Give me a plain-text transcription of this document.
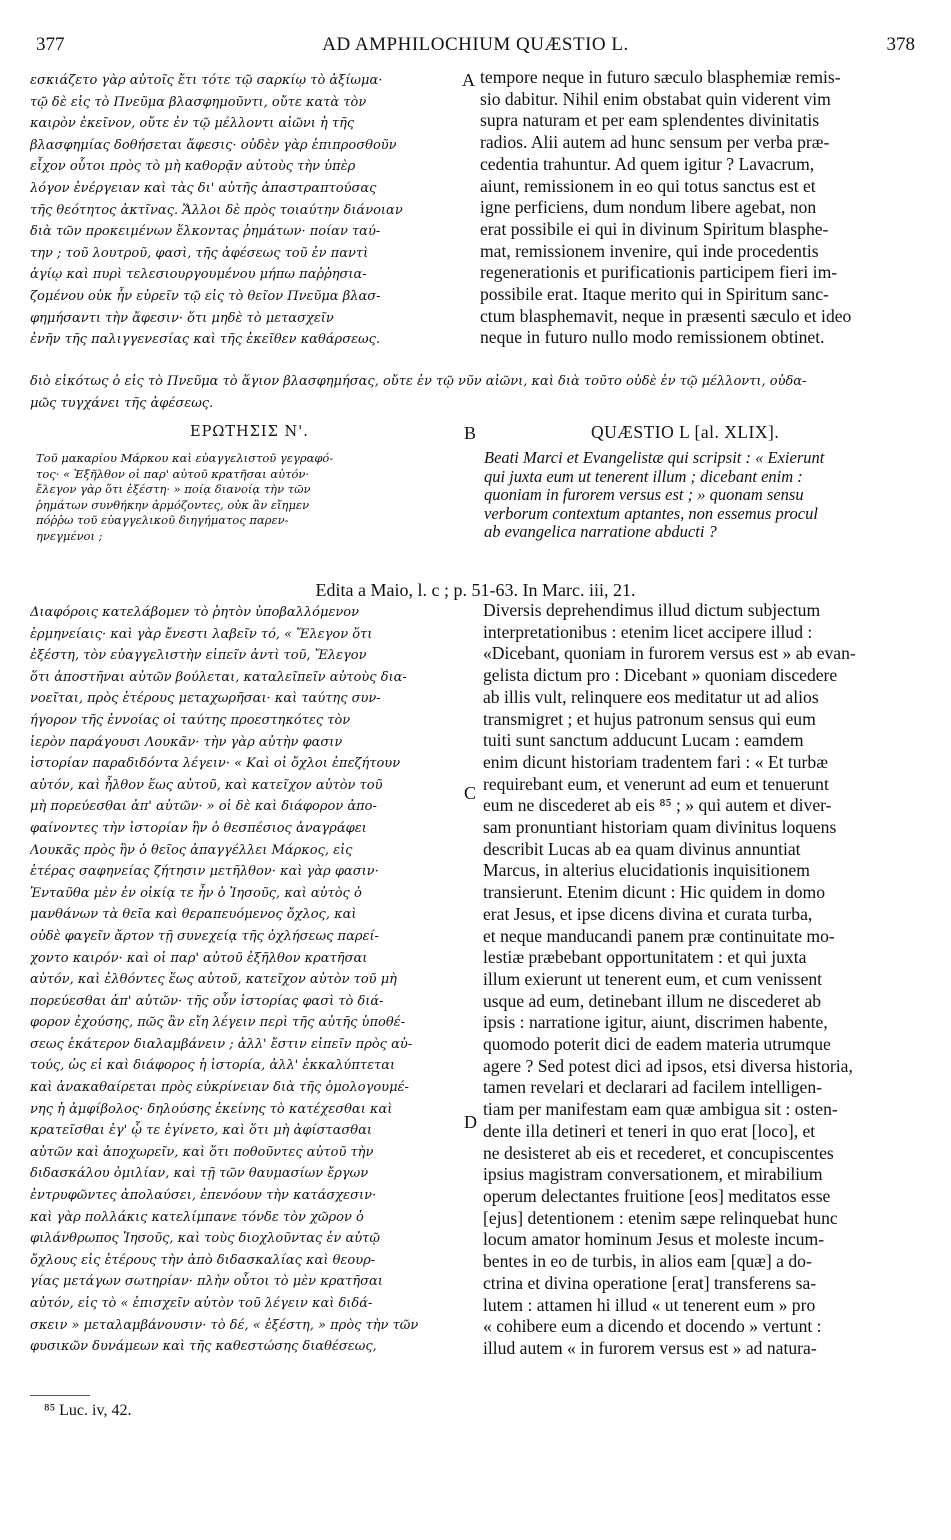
377	AD AMPHILOCHIUM QUÆSTIO L.	378
εσκιάζετο γὰρ αὐτοῖς ἔτι τότε τῷ σαρκίῳ τὸ ἀξίωμα·
τῷ δὲ εἰς τὸ Πνεῦμα βλασφημοῦντι, οὔτε κατὰ τὸν
καιρὸν ἐκεῖνον, οὔτε ἐν τῷ μέλλοντι αἰῶνι ἡ τῆς
βλασφημίας δοθήσεται ἄφεσις· οὐδὲν γὰρ ἐπιπροσθοῦν
εἶχον οὗτοι πρὸς τὸ μὴ καθορᾷν αὐτοὺς τὴν ὑπὲρ
λόγον ἐνέργειαν καὶ τὰς δι' αὐτῆς ἀπαστραπτούσας
τῆς θεότητος ἀκτῖνας. Ἄλλοι δὲ πρὸς τοιαύτην διάνοιαν
διὰ τῶν προκειμένων ἕλκοντας ῥημάτων· ποίαν ταύ-
την ; τοῦ λουτροῦ, φασὶ, τῆς ἀφέσεως τοῦ ἐν παντὶ
ἁγίῳ καὶ πυρὶ τελεσιουργουμένου μήπω παῤῥησια-
ζομένου οὐκ ἦν εὑρεῖν τῷ εἰς τὸ θεῖον Πνεῦμα βλασ-
φημήσαντι τὴν ἄφεσιν· ὅτι μηδὲ τὸ μετασχεῖν
ἐνῆν τῆς παλιγγενεσίας καὶ τῆς ἐκεῖθεν καθάρσεως.
A tempore neque in futuro sæculo blasphemiæ remis-
sio dabitur. Nihil enim obstabat quin viderent vim
supra naturam et per eam splendentes divinitatis
radios. Alii autem ad hunc sensum per verba præ-
cedentia trahuntur. Ad quem igitur ? Lavacrum,
aiunt, remissionem in eo qui totus sanctus est et
igne perficiens, dum nondum libere agebat, non
erat possibile ei qui in divinum Spiritum blasphe-
mat, remissionem invenire, qui inde procedentis
regenerationis et purificationis participem fieri im-
possibile erat. Itaque merito qui in Spiritum sanc-
ctum blasphemavit, neque in præsenti sæculo et ideo
neque in futuro nullo modo remissionem obtinet.
διὸ εἰκότως ὁ εἰς τὸ Πνεῦμα τὸ ἅγιον βλασφημήσας, οὔτε ἐν τῷ νῦν αἰῶνι, καὶ διὰ τοῦτο οὐδὲ ἐν τῷ μέλλοντι, οὐδα-
μῶς τυγχάνει τῆς ἀφέσεως.
ΕΡΩΤΗΣΙΣ Ν'.	B	QUÆSTIO L [al. XLIX].
Τοῦ μακαρίου Μάρκου καὶ εὐαγγελιστοῦ γεγραφό-
τος· « Ἐξῆλθον οἱ παρ' αὐτοῦ κρατῆσαι αὐτόν·
ἔλεγον γὰρ ὅτι ἐξέστη· » ποίᾳ διανοίᾳ τὴν τῶν
ῥημάτων συνθήκην ἁρμόζοντες, οὐκ ἂν εἴημεν
πόῤῥω τοῦ εὐαγγελικοῦ διηγήματος παρεν-
ηνεγμένοι ;
Beati Marci et Evangelistæ qui scripsit : « Exierunt
qui juxta eum ut tenerent illum ; dicebant enim :
quoniam in furorem versus est ; » quonam sensu
verborum contextum aptantes, non essemus procul
ab evangelica narratione abducti ?
Edita a Maio, l. c ; p. 51-63. In Marc. iii, 21.
Διαφόροις κατελάβομεν τὸ ῥητὸν ὑποβαλλόμενον
ἑρμηνείαις· καὶ γὰρ ἔνεστι λαβεῖν τό, « Ἔλεγον ὅτι
ἐξέστη, τὸν εὐαγγελιστὴν εἰπεῖν ἀντὶ τοῦ, Ἔλεγον
ὅτι ἀποστῆναι αὐτῶν βούλεται, καταλεῖπεῖν αὐτοὺς δια-
νοεῖται, πρὸς ἑτέρους μεταχωρῆσαι· καὶ ταύτης συν-
ήγορον τῆς ἐννοίας οἱ ταύτης προεστηκότες τὸν
ἱερὸν παράγουσι Λουκᾶν· τὴν γὰρ αὐτὴν φασιν
ἱστορίαν παραδιδόντα λέγειν· « Καὶ οἱ ὄχλοι ἐπεζήτουν
αὐτόν, καὶ ἦλθον ἕως αὐτοῦ, καὶ κατεῖχον αὐτὸν τοῦ
μὴ πορεύεσθαι ἀπ' αὐτῶν· » οἱ δὲ καὶ διάφορον ἀπο-
φαίνοντες τὴν ἱστορίαν ἣν ὁ θεσπέσιος ἀναγράφει
Λουκᾶς πρὸς ἣν ὁ θεῖος ἀπαγγέλλει Μάρκος, εἰς
ἑτέρας σαφηνείας ζήτησιν μετῆλθον· καὶ γὰρ φασιν·
Ἐνταῦθα μὲν ἐν οἰκίᾳ τε ἦν ὁ Ἰησοῦς, καὶ αὐτὸς ὁ
μανθάνων τὰ θεῖα καὶ θεραπευόμενος ὄχλος, καὶ
οὐδὲ φαγεῖν ἄρτον τῇ συνεχείᾳ τῆς ὀχλήσεως παρεί-
χοντο καιρόν· καὶ οἱ παρ' αὐτοῦ ἐξῆλθον κρατῆσαι
αὐτόν, καὶ ἐλθόντες ἕως αὐτοῦ, κατεῖχον αὐτὸν τοῦ μὴ
πορεύεσθαι ἀπ' αὐτῶν· τῆς οὖν ἱστορίας φασὶ τὸ διά-
φορον ἐχούσης, πῶς ἂν εἴη λέγειν περὶ τῆς αὐτῆς ὑποθέ-
σεως ἑκάτερον διαλαμβάνειν ; ἀλλ' ἔστιν εἰπεῖν πρὸς αὐ-
τούς, ὡς εἰ καὶ διάφορος ἡ ἱστορία, ἀλλ' ἐκκαλύπτεται
καὶ ἀνακαθαίρεται πρὸς εὐκρίνειαν διὰ τῆς ὁμολογουμέ-
νης ἡ ἀμφίβολος· δηλούσης ἐκείνης τὸ κατέχεσθαι καὶ
κρατεῖσθαι ἐγ' ᾧ τε ἐγίνετο, καὶ ὅτι μὴ ἀφίστασθαι
αὐτῶν καὶ ἀποχωρεῖν, καὶ ὅτι ποθοῦντες αὐτοῦ τὴν
διδασκάλου ὁμιλίαν, καὶ τῇ τῶν θαυμασίων ἔργων
ἐντρυφῶντες ἀπολαύσει, ἐπενόουν τὴν κατάσχεσιν·
καὶ γὰρ πολλάκις κατελίμπανε τόνδε τὸν χῶρον ὁ
φιλάνθρωπος Ἰησοῦς, καὶ τοὺς διοχλοῦντας ἐν αὐτῷ
ὄχλους εἰς ἑτέρους τὴν ἀπὸ διδασκαλίας καὶ θεουρ-
γίας μετάγων σωτηρίαν· πλὴν οὗτοι τὸ μὲν κρατῆσαι
αὐτόν, εἰς τὸ « ἐπισχεῖν αὐτὸν τοῦ λέγειν καὶ διδά-
σκειν » μεταλαμβάνουσιν· τὸ δέ, « ἐξέστη, » πρὸς τὴν τῶν
φυσικῶν δυνάμεων καὶ τῆς καθεστώσης διαθέσεως,
C
D
Diversis deprehendimus illud dictum subjectum
interpretationibus : etenim licet accipere illud :
«Dicebant, quoniam in furorem versus est » ab evan-
gelista dictum pro : Dicebant » quoniam discedere
ab illis vult, relinquere eos meditatur ut ad alios
transmigret ; et hujus patronum sensus qui eum
tuiti sunt sanctum adducunt Lucam : eamdem
enim dicunt historiam tradentem fari : « Et turbæ
requirebant eum, et venerunt ad eum et tenuerunt
eum ne discederet ab eis ⁸⁵ ; » qui autem et diver-
sam pronuntiant historiam quam divinitus loquens
describit Lucas ab ea quam divinus annuntiat
Marcus, in alterius elucidationis inquisitionem
transierunt. Etenim dicunt : Hic quidem in domo
erat Jesus, et ipse dicens divina et curata turba,
et neque manducandi panem præ continuitate mo-
lestiæ præbebant opportunitatem : et qui juxta
illum exierunt ut tenerent eum, et cum venissent
usque ad eum, detinebant illum ne discederet ab
ipsis : narratione igitur, aiunt, discrimen habente,
quomodo poterit dici de eadem materia utrumque
agere ? Sed potest dici ad ipsos, etsi diversa historia,
tamen revelari et declarari ad facilem intelligen-
tiam per manifestam eam quæ ambigua sit : osten-
dente illa detineri et teneri in quo erat [loco], et
ne desisteret ab eis et recederet, et concupiscentes
ipsius magistram conversationem, et mirabilium
operum delectantes fruitione [eos] meditatos esse
[ejus] detentionem : etenim sæpe relinquebat hunc
locum amator hominum Jesus et moleste incum-
bentes in eo de turbis, in alios eam [quæ] a do-
ctrina et divina operatione [erat] transferens sa-
lutem : attamen hi illud « ut tenerent eum » pro
« cohibere eum a dicendo et docendo » vertunt :
illud autem « in furorem versus est » ad natura-
⁸⁵ Luc. iv, 42.
